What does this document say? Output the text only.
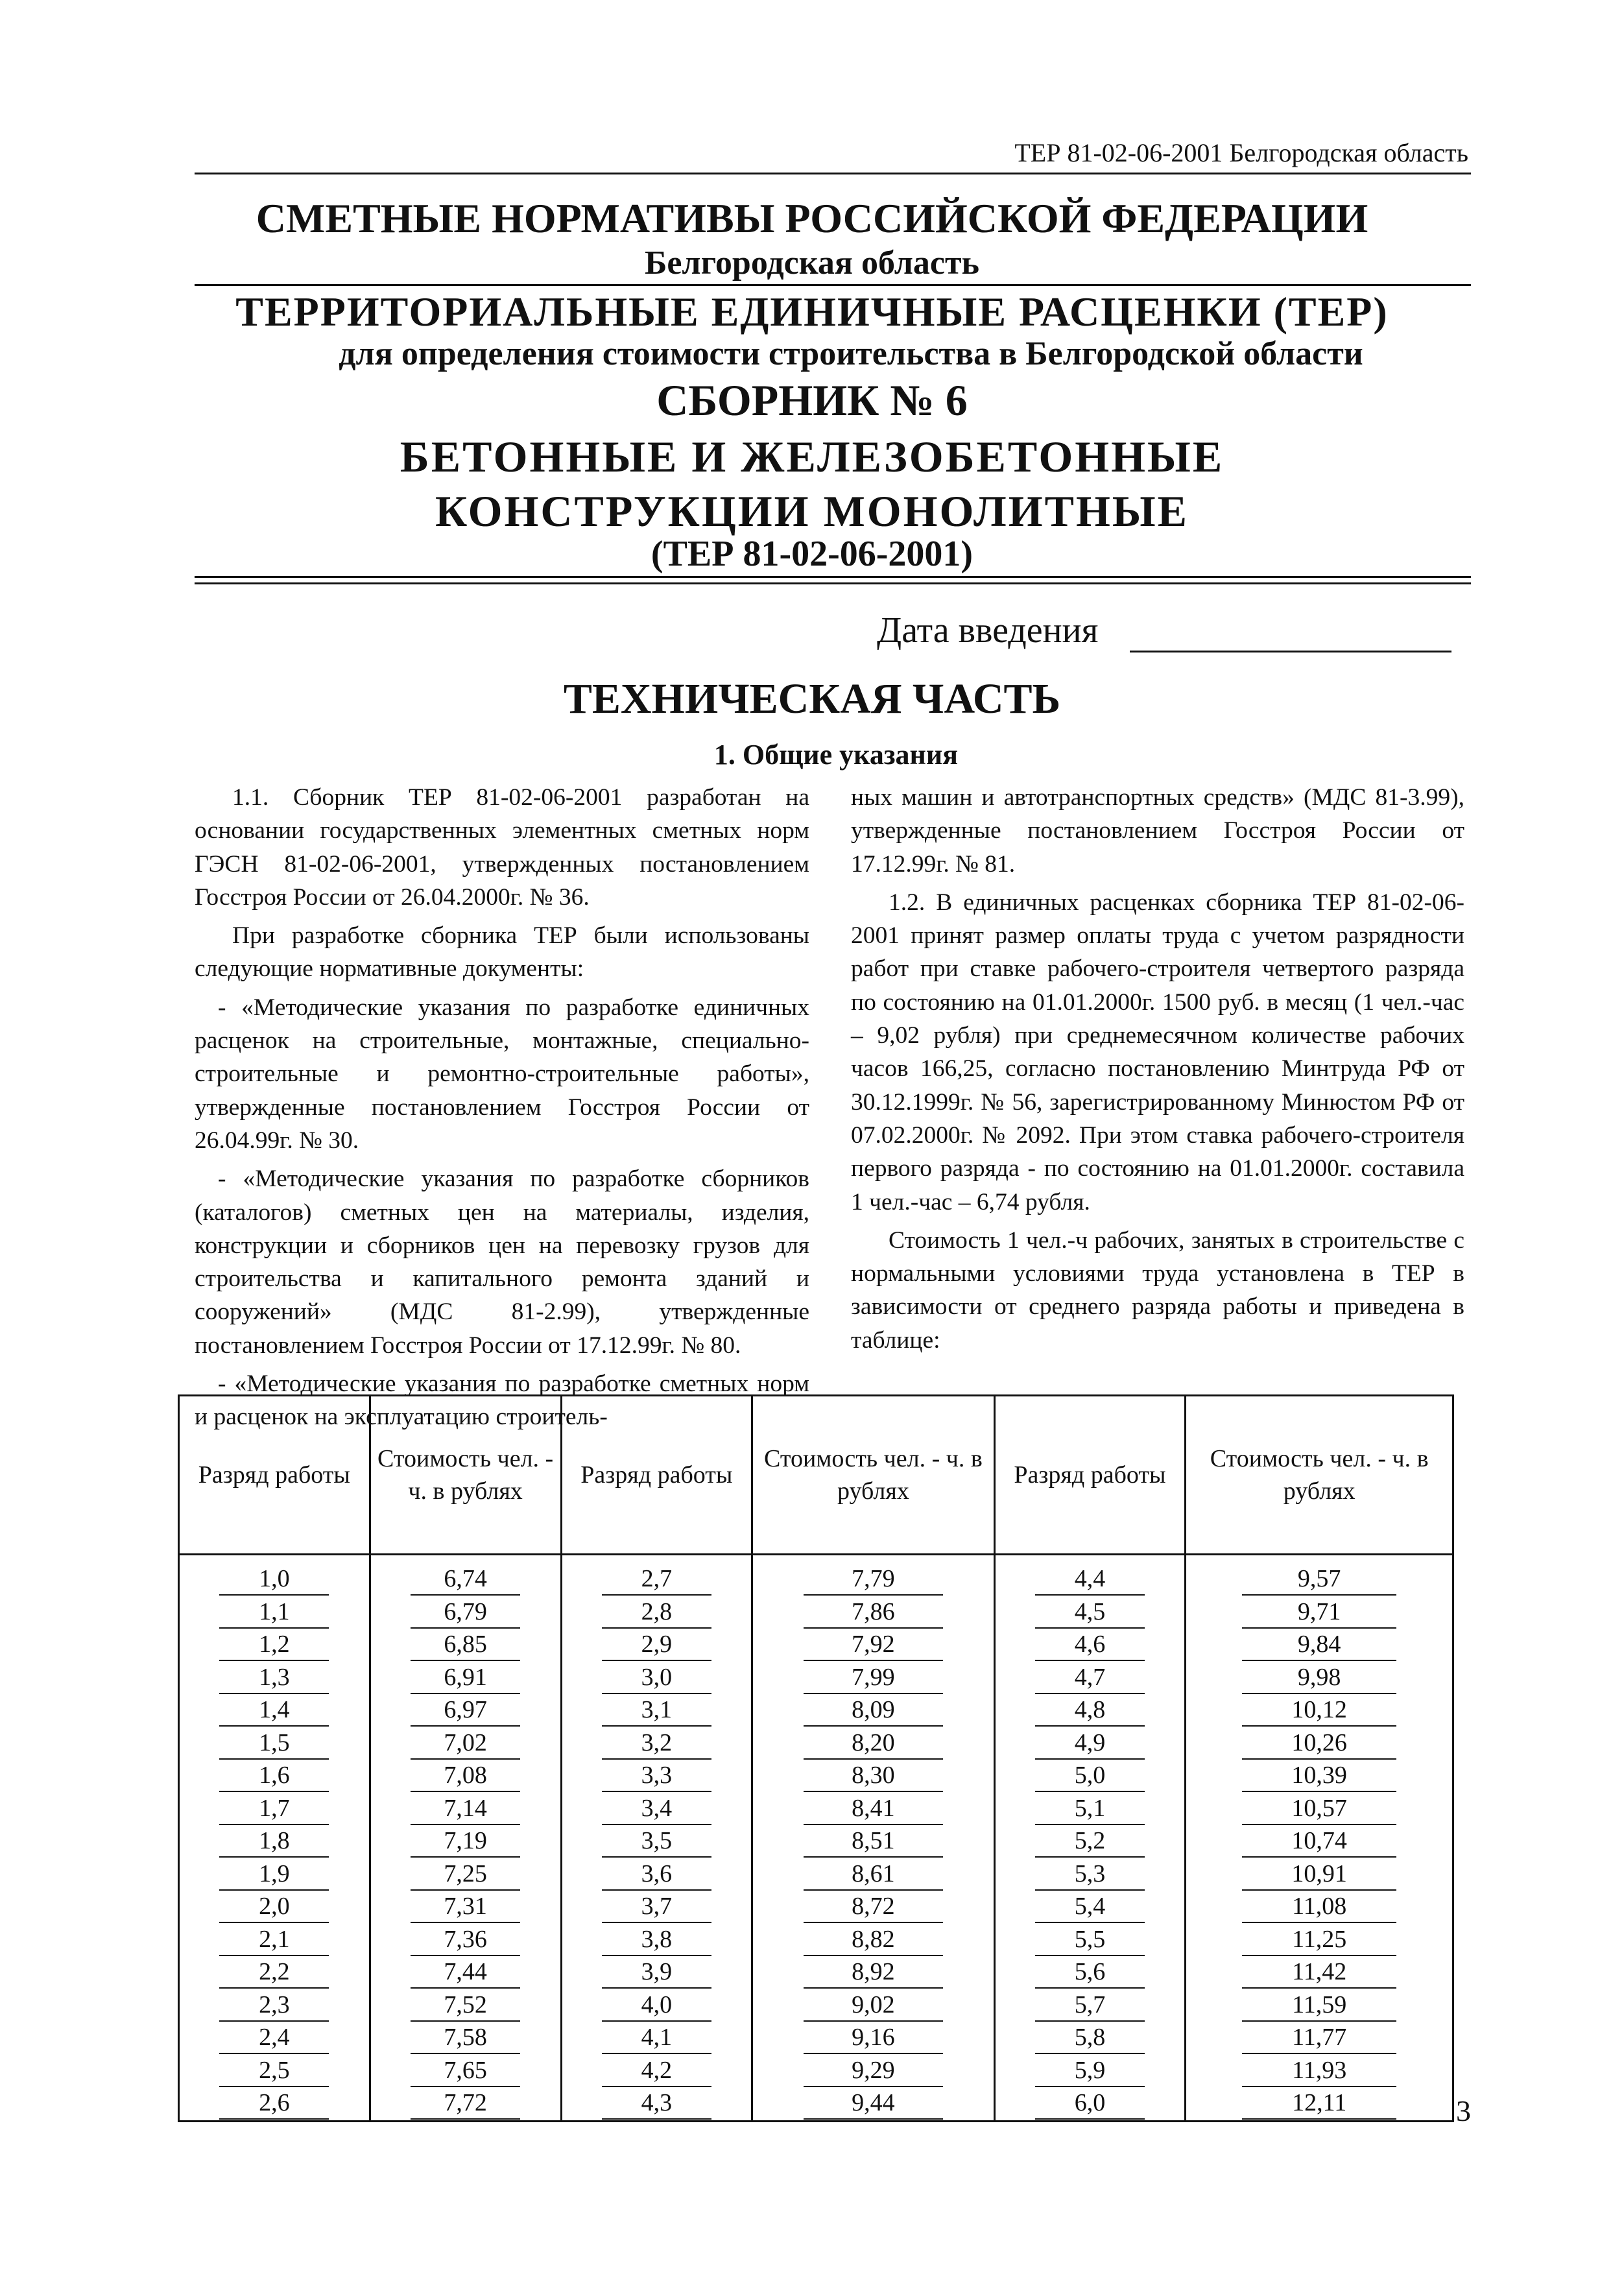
ТЕР 81-02-06-2001 Белгородская область
СМЕТНЫЕ НОРМАТИВЫ РОССИЙСКОЙ ФЕДЕРАЦИИ
Белгородская область
ТЕРРИТОРИАЛЬНЫЕ ЕДИНИЧНЫЕ РАСЦЕНКИ (ТЕР)
для определения стоимости строительства в Белгородской области
СБОРНИК № 6
БЕТОННЫЕ И ЖЕЛЕЗОБЕТОННЫЕ
КОНСТРУКЦИИ МОНОЛИТНЫЕ
(ТЕР 81-02-06-2001)
Дата введения
ТЕХНИЧЕСКАЯ ЧАСТЬ
1. Общие указания

1.1. Сборник ТЕР 81-02-06-2001 разработан на основании государственных элементных сметных норм ГЭСН 81-02-06-2001, утвержденных постановлением Госстроя России от 26.04.2000г. № 36.

При разработке сборника ТЕР были использованы следующие нормативные документы:

- «Методические указания по разработке единичных расценок на строительные, монтажные, специально-строительные и ремонтно-строительные работы», утвержденные постановлением Госстроя России от 26.04.99г. № 30.

- «Методические указания по разработке сборников (каталогов) сметных цен на материалы, изделия, конструкции и сборников цен на перевозку грузов для строительства и капитального ремонта зданий и сооружений» (МДС 81-2.99), утвержденные постановлением Госстроя России от 17.12.99г. № 80.

- «Методические указания по разработке сметных норм и расценок на эксплуатацию строитель-

ных машин и автотранспортных средств» (МДС 81-3.99), утвержденные постановлением Госстроя России от 17.12.99г. № 81.

1.2. В единичных расценках сборника ТЕР 81-02-06-2001 принят размер оплаты труда с учетом разрядности работ при ставке рабочего-строителя четвертого разряда по состоянию на 01.01.2000г. 1500 руб. в месяц (1 чел.-час – 9,02 рубля) при среднемесячном количестве рабочих часов 166,25, согласно постановлению Минтруда РФ от 30.12.1999г. № 56, зарегистрированному Минюстом РФ от 07.02.2000г. № 2092. При этом ставка рабочего-строителя первого разряда - по состоянию на 01.01.2000г. составила 1 чел.-час – 6,74 рубля.

Стоимость 1 чел.-ч рабочих, занятых в строительстве с нормальными условиями труда установлена в ТЕР в зависимости от среднего разряда работы и приведена в таблице:

Разряд работы	Стоимость чел. - ч. в рублях	Разряд работы	Стоимость чел. - ч. в рублях	Разряд работы	Стоимость чел. - ч. в рублях
1,0	6,74	2,7	7,79	4,4	9,57
1,1	6,79	2,8	7,86	4,5	9,71
1,2	6,85	2,9	7,92	4,6	9,84
1,3	6,91	3,0	7,99	4,7	9,98
1,4	6,97	3,1	8,09	4,8	10,12
1,5	7,02	3,2	8,20	4,9	10,26
1,6	7,08	3,3	8,30	5,0	10,39
1,7	7,14	3,4	8,41	5,1	10,57
1,8	7,19	3,5	8,51	5,2	10,74
1,9	7,25	3,6	8,61	5,3	10,91
2,0	7,31	3,7	8,72	5,4	11,08
2,1	7,36	3,8	8,82	5,5	11,25
2,2	7,44	3,9	8,92	5,6	11,42
2,3	7,52	4,0	9,02	5,7	11,59
2,4	7,58	4,1	9,16	5,8	11,77
2,5	7,65	4,2	9,29	5,9	11,93
2,6	7,72	4,3	9,44	6,0	12,11	3
